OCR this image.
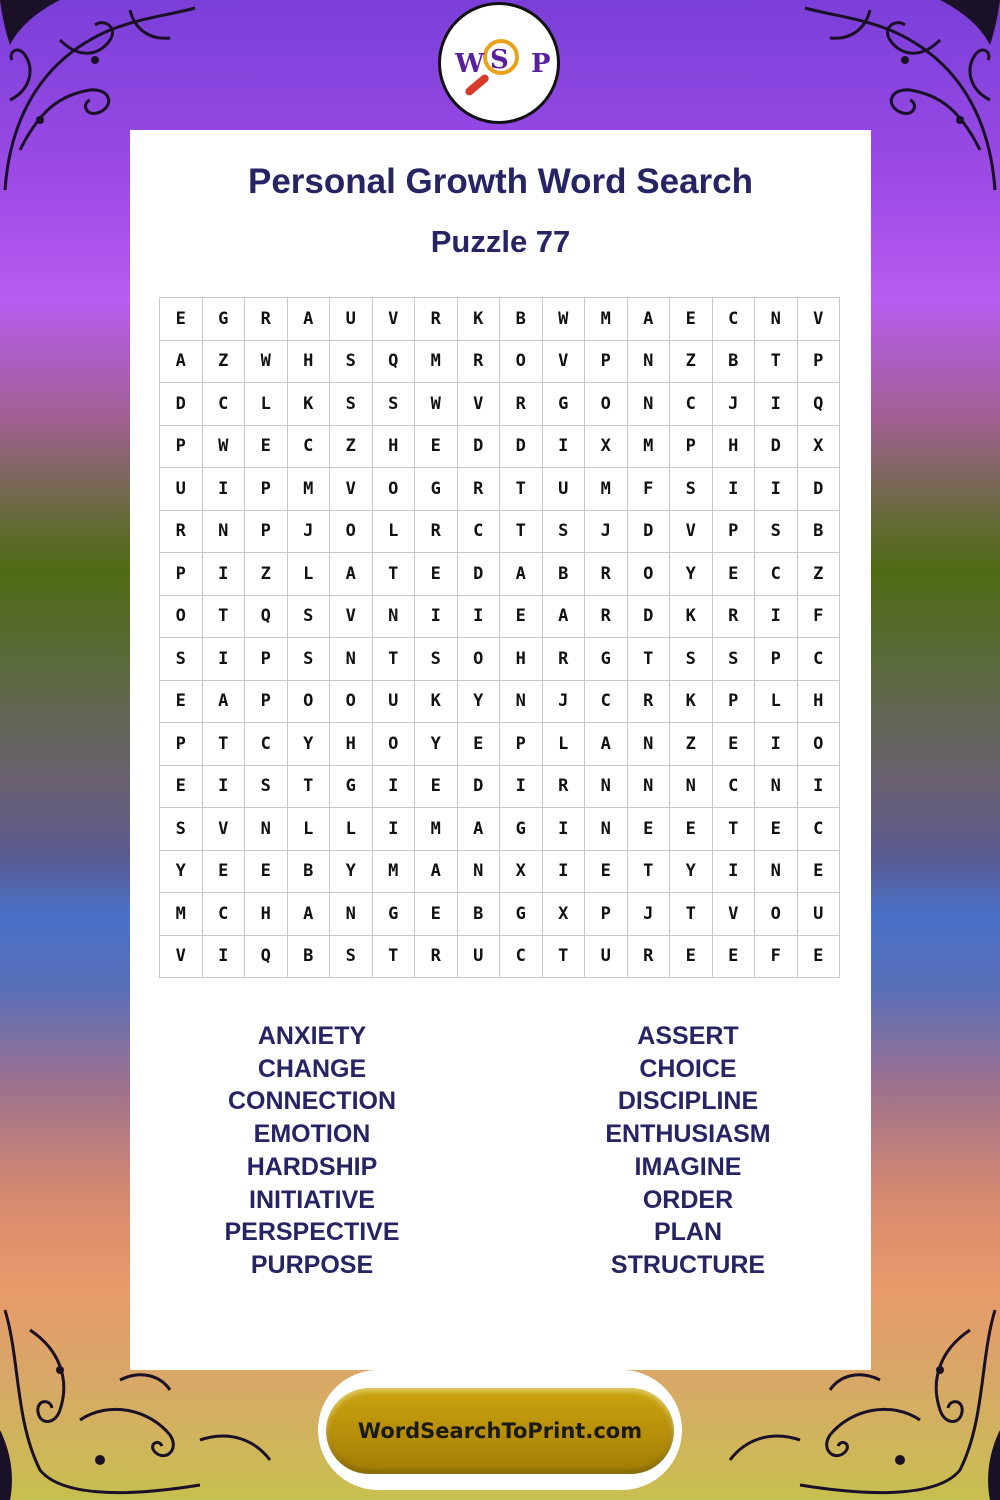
W S P
Personal Growth Word Search
Puzzle 77
E	G	R	A	U	V	R	K	B	W	M	A	E	C	N	V
A	Z	W	H	S	Q	M	R	O	V	P	N	Z	B	T	P
D	C	L	K	S	S	W	V	R	G	O	N	C	J	I	Q
P	W	E	C	Z	H	E	D	D	I	X	M	P	H	D	X
U	I	P	M	V	O	G	R	T	U	M	F	S	I	I	D
R	N	P	J	O	L	R	C	T	S	J	D	V	P	S	B
P	I	Z	L	A	T	E	D	A	B	R	O	Y	E	C	Z
O	T	Q	S	V	N	I	I	E	A	R	D	K	R	I	F
S	I	P	S	N	T	S	O	H	R	G	T	S	S	P	C
E	A	P	O	O	U	K	Y	N	J	C	R	K	P	L	H
P	T	C	Y	H	O	Y	E	P	L	A	N	Z	E	I	O
E	I	S	T	G	I	E	D	I	R	N	N	N	C	N	I
S	V	N	L	L	I	M	A	G	I	N	E	E	T	E	C
Y	E	E	B	Y	M	A	N	X	I	E	T	Y	I	N	E
M	C	H	A	N	G	E	B	G	X	P	J	T	V	O	U
V	I	Q	B	S	T	R	U	C	T	U	R	E	E	F	E
ANXIETY
CHANGE
CONNECTION
EMOTION
HARDSHIP
INITIATIVE
PERSPECTIVE
PURPOSE
ASSERT
CHOICE
DISCIPLINE
ENTHUSIASM
IMAGINE
ORDER
PLAN
STRUCTURE
WordSearchToPrint.com
